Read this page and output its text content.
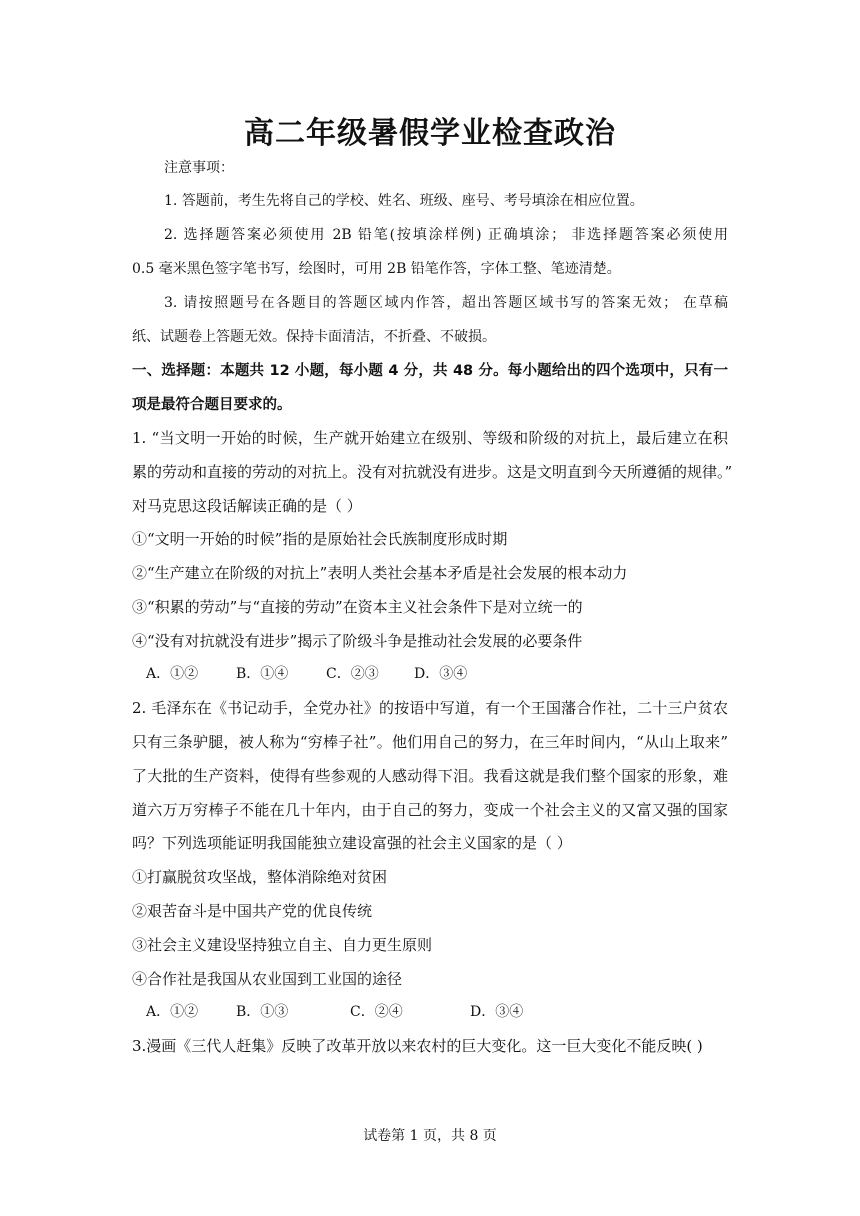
高二年级暑假学业检查政治
注意事项：
1. 答题前，考生先将自己的学校、姓名、班级、座号、考号填涂在相应位置。
2. 选择题答案必须使用 2B 铅笔(按填涂样例) 正确填涂； 非选择题答案必须使用
0.5 毫米黑色签字笔书写，绘图时，可用 2B 铅笔作答，字体工整、笔迹清楚。
3. 请按照题号在各题目的答题区域内作答，超出答题区域书写的答案无效； 在草稿
纸、试题卷上答题无效。保持卡面清洁，不折叠、不破损。
一、选择题：本题共 12 小题，每小题 4 分，共 48 分。每小题给出的四个选项中，只有一
项是最符合题目要求的。
1. “当文明一开始的时候，生产就开始建立在级别、等级和阶级的对抗上，最后建立在积
累的劳动和直接的劳动的对抗上。没有对抗就没有进步。这是文明直到今天所遵循的规律。”
对马克思这段话解读正确的是（ ）
①“文明一开始的时候”指的是原始社会氏族制度形成时期
②“生产建立在阶级的对抗上”表明人类社会基本矛盾是社会发展的根本动力
③“积累的劳动”与“直接的劳动”在资本主义社会条件下是对立统一的
④“没有对抗就没有进步”揭示了阶级斗争是推动社会发展的必要条件
A．①②	B．①④	C．②③	D．③④
2. 毛泽东在《书记动手，全党办社》的按语中写道，有一个王国藩合作社，二十三户贫农
只有三条驴腿，被人称为“穷棒子社”。他们用自己的努力，在三年时间内，“从山上取来”
了大批的生产资料，使得有些参观的人感动得下泪。我看这就是我们整个国家的形象，难
道六万万穷棒子不能在几十年内，由于自己的努力，变成一个社会主义的又富又强的国家
吗？下列选项能证明我国能独立建设富强的社会主义国家的是（ ）
①打赢脱贫攻坚战，整体消除绝对贫困
②艰苦奋斗是中国共产党的优良传统
③社会主义建设坚持独立自主、自力更生原则
④合作社是我国从农业国到工业国的途径
A．①②	B．①③	C．②④	D．③④
3.漫画《三代人赶集》反映了改革开放以来农村的巨大变化。这一巨大变化不能反映( )
试卷第 1 页，共 8 页
